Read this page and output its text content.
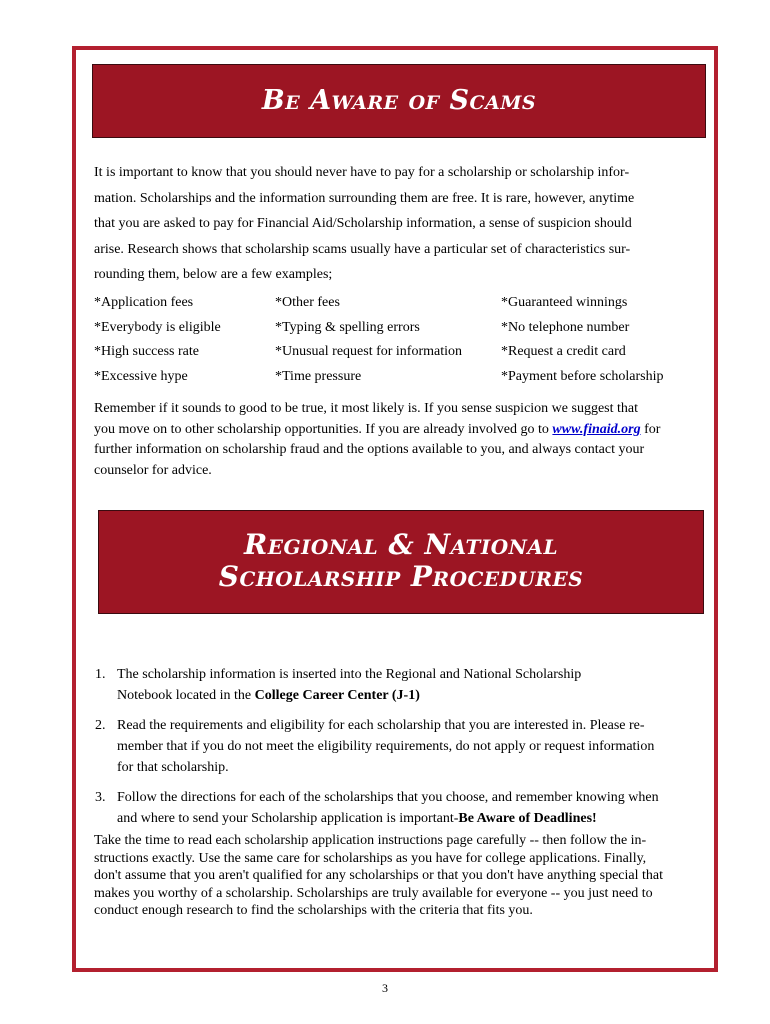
Be Aware of Scams
It is important to know that you should never have to pay for a scholarship or scholarship infor-
mation. Scholarships and the information surrounding them are free. It is rare, however, anytime
that you are asked to pay for Financial Aid/Scholarship information, a sense of suspicion should
arise. Research shows that scholarship scams usually have a particular set of characteristics sur-
rounding them, below are a few examples;
*Application fees	*Other fees	*Guaranteed winnings
*Everybody is eligible	*Typing & spelling errors	*No telephone number
*High success rate	*Unusual request for information	*Request a credit card
*Excessive hype	*Time pressure	*Payment before scholarship
Remember if it sounds to good to be true, it most likely is. If you sense suspicion we suggest that
you move on to other scholarship opportunities. If you are already involved go to www.finaid.org for
further information on scholarship fraud and the options available to you, and always contact your
counselor for advice.
Regional & National
Scholarship Procedures
1. The scholarship information is inserted into the Regional and National Scholarship
Notebook located in the College Career Center (J-1)
2. Read the requirements and eligibility for each scholarship that you are interested in. Please re-
member that if you do not meet the eligibility requirements, do not apply or request information
for that scholarship.
3. Follow the directions for each of the scholarships that you choose, and remember knowing when
and where to send your Scholarship application is important-Be Aware of Deadlines!
Take the time to read each scholarship application instructions page carefully -- then follow the in-
structions exactly. Use the same care for scholarships as you have for college applications. Finally,
don't assume that you aren't qualified for any scholarships or that you don't have anything special that
makes you worthy of a scholarship. Scholarships are truly available for everyone -- you just need to
conduct enough research to find the scholarships with the criteria that fits you.
3
